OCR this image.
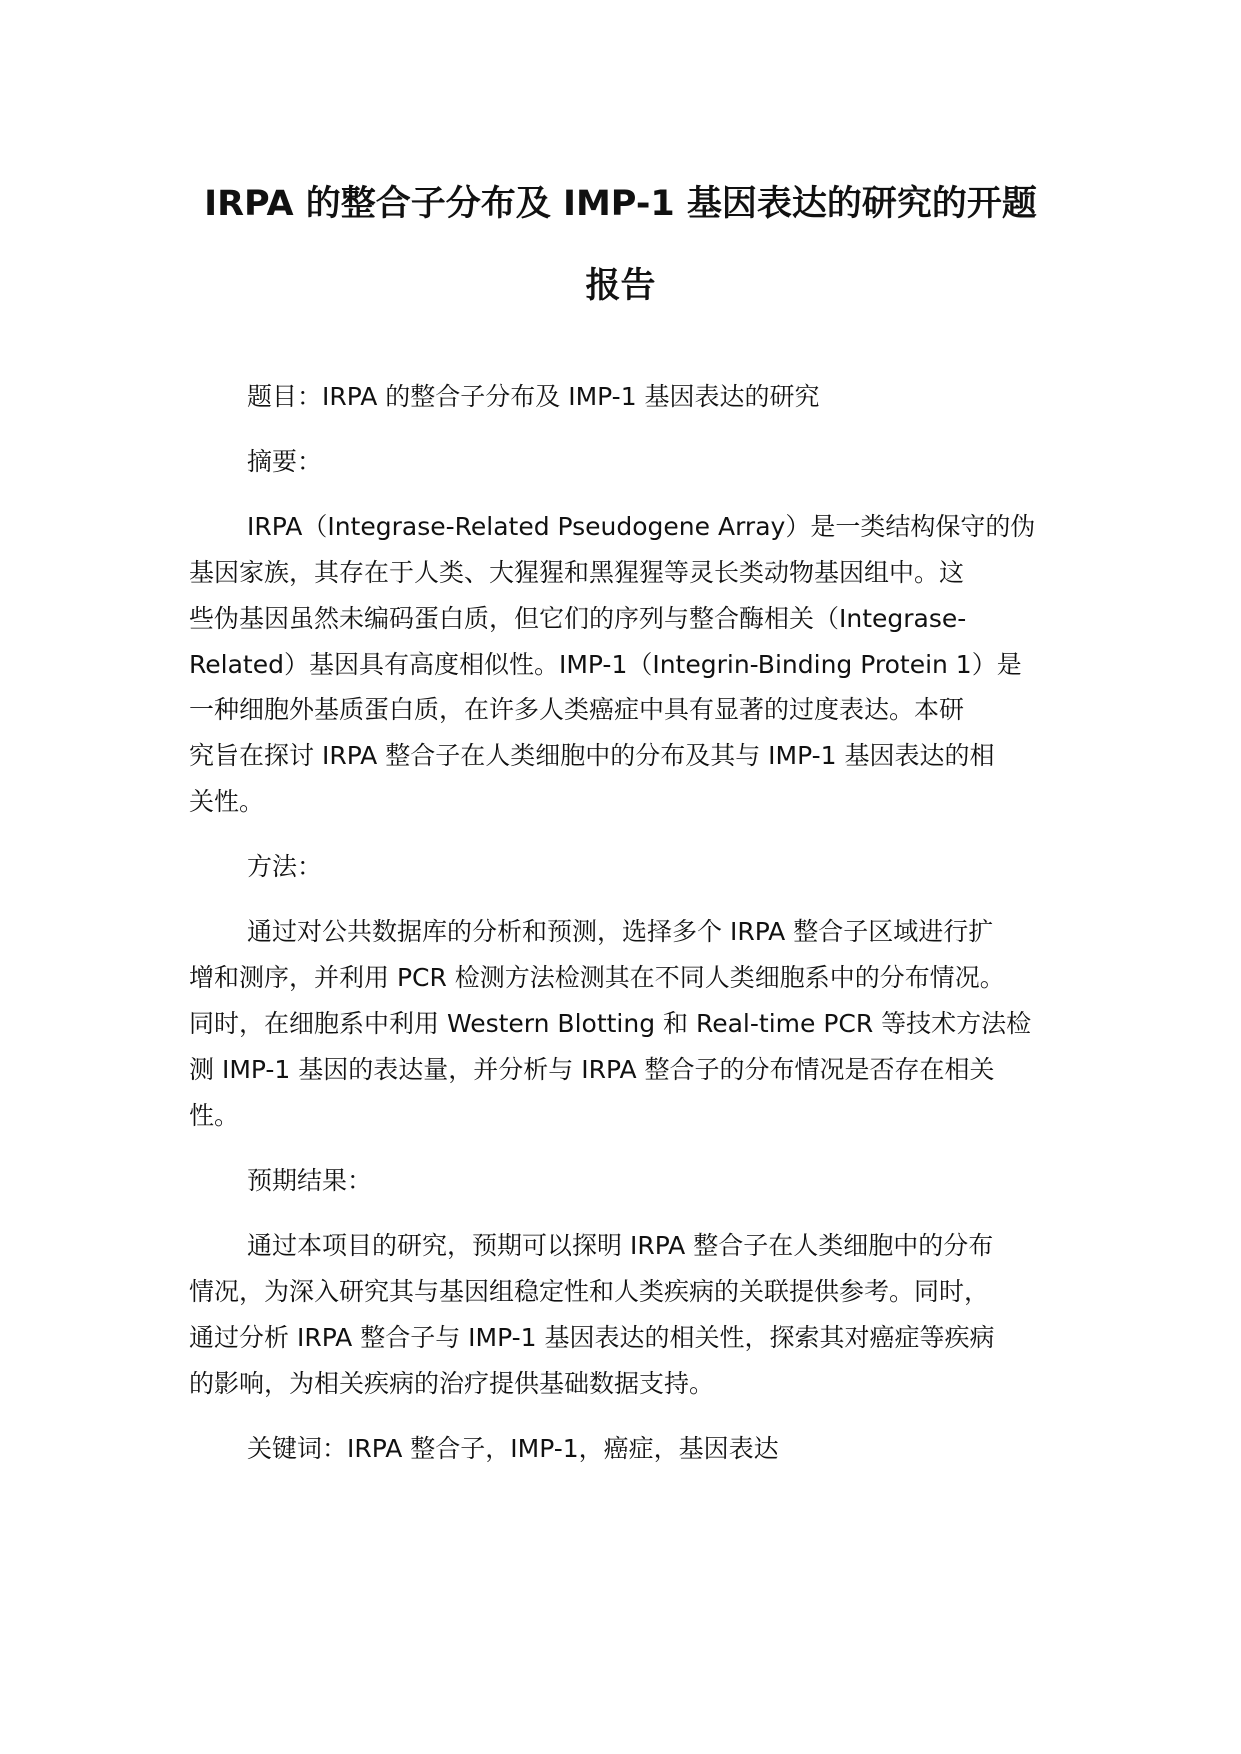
IRPA 的整合子分布及 IMP-1 基因表达的研究的开题
报告

题目：IRPA 的整合子分布及 IMP-1 基因表达的研究

摘要：

IRPA（Integrase-Related Pseudogene Array）是一类结构保守的伪

基因家族，其存在于人类、大猩猩和黑猩猩等灵长类动物基因组中。这

些伪基因虽然未编码蛋白质，但它们的序列与整合酶相关（Integrase-

Related）基因具有高度相似性。IMP-1（Integrin-Binding Protein 1）是

一种细胞外基质蛋白质，在许多人类癌症中具有显著的过度表达。本研

究旨在探讨 IRPA 整合子在人类细胞中的分布及其与 IMP-1 基因表达的相

关性。

方法：

通过对公共数据库的分析和预测，选择多个 IRPA 整合子区域进行扩

增和测序，并利用 PCR 检测方法检测其在不同人类细胞系中的分布情况。

同时，在细胞系中利用 Western Blotting 和 Real-time PCR 等技术方法检

测 IMP-1 基因的表达量，并分析与 IRPA 整合子的分布情况是否存在相关

性。

预期结果：

通过本项目的研究，预期可以探明 IRPA 整合子在人类细胞中的分布

情况，为深入研究其与基因组稳定性和人类疾病的关联提供参考。同时，

通过分析 IRPA 整合子与 IMP-1 基因表达的相关性，探索其对癌症等疾病

的影响，为相关疾病的治疗提供基础数据支持。

关键词：IRPA 整合子，IMP-1，癌症，基因表达
